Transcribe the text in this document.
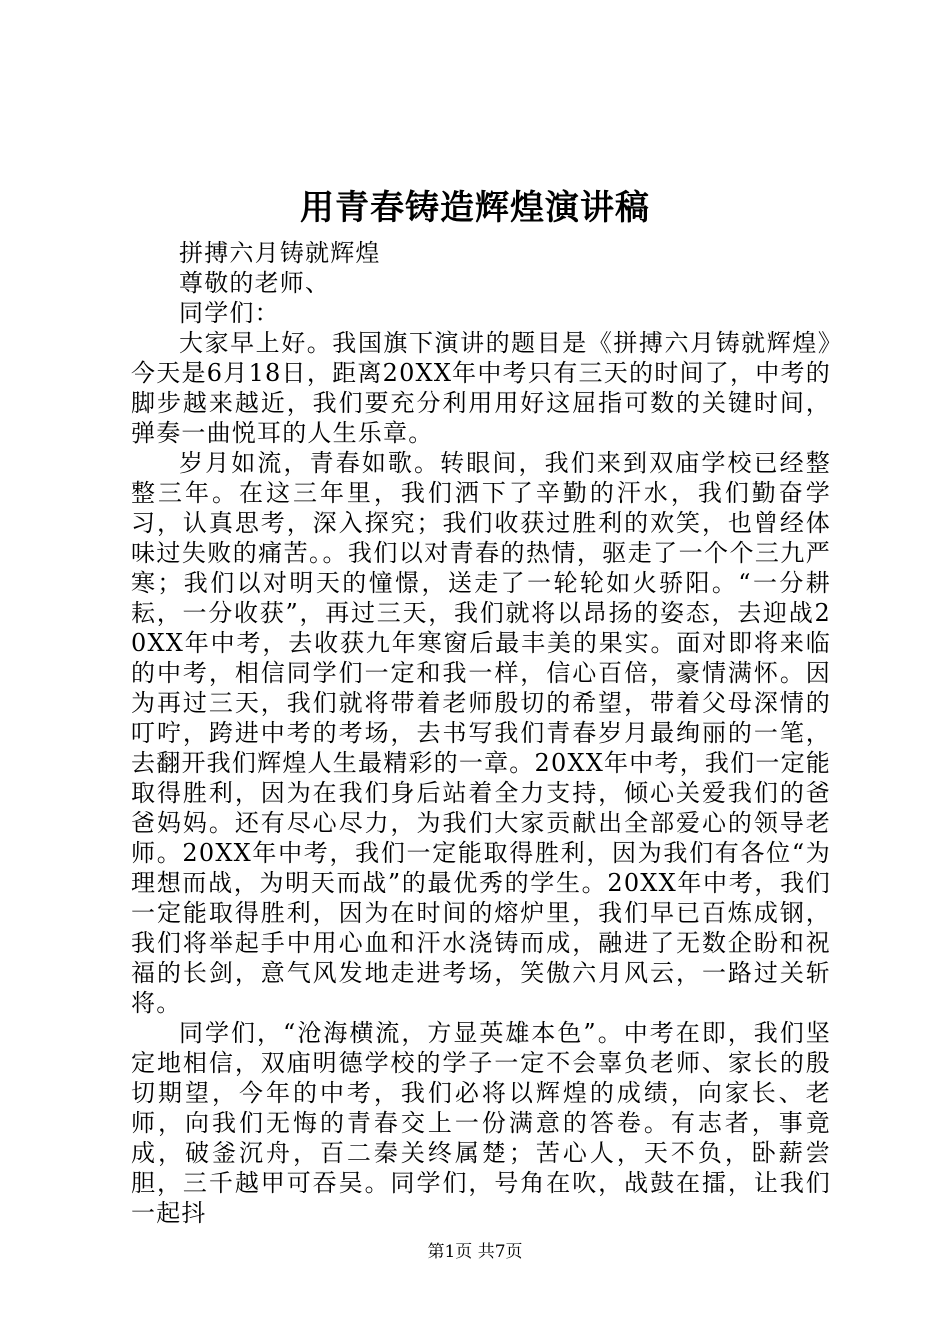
用青春铸造辉煌演讲稿

拼搏六月铸就辉煌

尊敬的老师、

同学们：

大家早上好。我国旗下演讲的题目是《拼搏六月铸就辉煌》今天是6月18日，距离20XX年中考只有三天的时间了，中考的脚步越来越近，我们要充分利用用好这屈指可数的关键时间，弹奏一曲悦耳的人生乐章。

岁月如流，青春如歌。转眼间，我们来到双庙学校已经整整三年。在这三年里，我们洒下了辛勤的汗水，我们勤奋学习，认真思考，深入探究；我们收获过胜利的欢笑，也曾经体味过失败的痛苦。。我们以对青春的热情，驱走了一个个三九严寒；我们以对明天的憧憬，送走了一轮轮如火骄阳。“一分耕耘，一分收获”，再过三天，我们就将以昂扬的姿态，去迎战20XX年中考，去收获九年寒窗后最丰美的果实。面对即将来临的中考，相信同学们一定和我一样，信心百倍，豪情满怀。因为再过三天，我们就将带着老师殷切的希望，带着父母深情的叮咛，跨进中考的考场，去书写我们青春岁月最绚丽的一笔，去翻开我们辉煌人生最精彩的一章。20XX年中考，我们一定能取得胜利，因为在我们身后站着全力支持，倾心关爱我们的爸爸妈妈。还有尽心尽力，为我们大家贡献出全部爱心的领导老师。20XX年中考，我们一定能取得胜利，因为我们有各位“为理想而战，为明天而战”的最优秀的学生。20XX年中考，我们一定能取得胜利，因为在时间的熔炉里，我们早已百炼成钢，我们将举起手中用心血和汗水浇铸而成，融进了无数企盼和祝福的长剑，意气风发地走进考场，笑傲六月风云，一路过关斩将。

同学们，“沧海横流，方显英雄本色”。中考在即，我们坚定地相信，双庙明德学校的学子一定不会辜负老师、家长的殷切期望，今年的中考，我们必将以辉煌的成绩，向家长、老师，向我们无悔的青春交上一份满意的答卷。有志者，事竟成，破釜沉舟，百二秦关终属楚；苦心人，天不负，卧薪尝胆，三千越甲可吞吴。同学们，号角在吹，战鼓在擂，让我们一起抖

第1页 共7页
